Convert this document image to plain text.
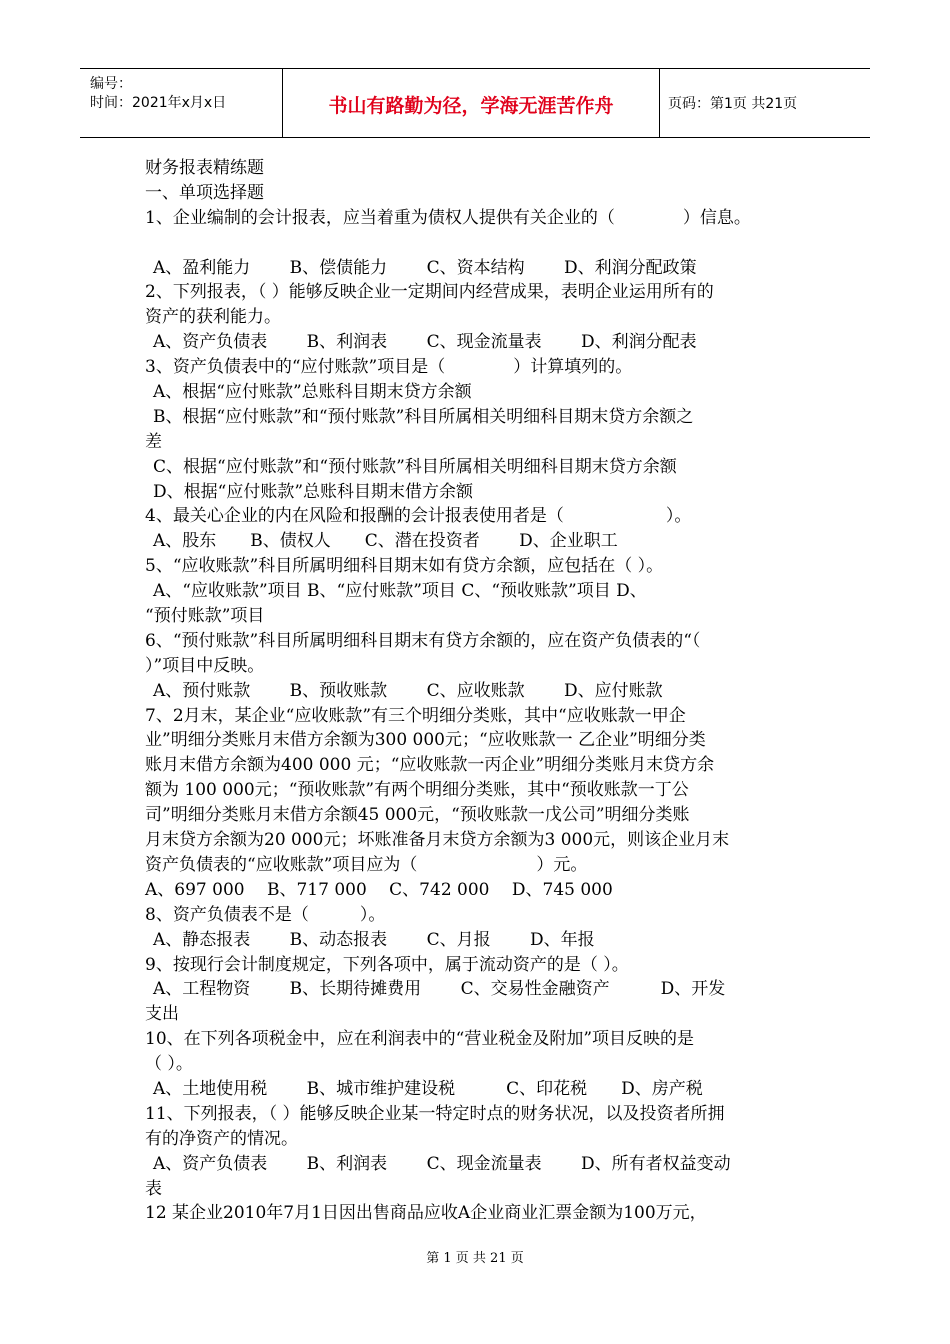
编号：
时间：2021年x月x日	书山有路勤为径，学海无涯苦作舟	页码：第1页 共21页
财务报表精练题
一、单项选择题
1、企业编制的会计报表，应当着重为债权人提供有关企业的（　　　　）信息。
A、盈利能力　　 B、偿债能力　　 C、资本结构　　 D、利润分配政策
2、下列报表，（ ）能够反映企业一定期间内经营成果，表明企业运用所有的
资产的获利能力。
A、资产负债表　　 B、利润表　　 C、现金流量表　　 D、利润分配表
3、资产负债表中的“应付账款”项目是（　　　　）计算填列的。
A、根据“应付账款”总账科目期末贷方余额
B、根据“应付账款”和“预付账款”科目所属相关明细科目期末贷方余额之
差
C、根据“应付账款”和“预付账款”科目所属相关明细科目期末贷方余额
D、根据“应付账款”总账科目期末借方余额
4、最关心企业的内在风险和报酬的会计报表使用者是（　　　　　　）。
A、股东　　B、债权人　　C、潜在投资者　　 D、企业职工
5、“应收账款”科目所属明细科目期末如有贷方余额，应包括在（ ）。
A、“应收账款”项目 B、“应付账款”项目 C、“预收账款”项目 D、
“预付账款”项目
6、“预付账款”科目所属明细科目期末有贷方余额的，应在资产负债表的“（
）”项目中反映。
A、预付账款　　 B、预收账款　　 C、应收账款　　 D、应付账款
7、2月末，某企业“应收账款”有三个明细分类账，其中“应收账款一甲企
业”明细分类账月末借方余额为300 000元；“应收账款一 乙企业”明细分类
账月末借方余额为400 000 元；“应收账款一丙企业”明细分类账月末贷方余
额为 100 000元；“预收账款”有两个明细分类账，其中“预收账款一丁公
司”明细分类账月末借方余额45 000元，“预收账款一戊公司”明细分类账
月末贷方余额为20 000元；坏账准备月末贷方余额为3 000元，则该企业月末
资产负债表的“应收账款”项目应为（　　　　　　　）元。
A、697 000　 B、717 000　 C、742 000　 D、745 000
8、资产负债表不是（　　　）。
A、静态报表　　 B、动态报表　　 C、月报　　 D、年报
9、按现行会计制度规定，下列各项中，属于流动资产的是（ ）。
A、工程物资　　 B、长期待摊费用　　 C、交易性金融资产　　　D、开发
支出
10、在下列各项税金中，应在利润表中的“营业税金及附加”项目反映的是
（ ）。
A、土地使用税　　 B、城市维护建设税　　　C、印花税　　D、房产税
11、下列报表，（ ）能够反映企业某一特定时点的财务状况，以及投资者所拥
有的净资产的情况。
A、资产负债表　　 B、利润表　　 C、现金流量表　　 D、所有者权益变动
表
12 某企业2010年7月1日因出售商品应收A企业商业汇票金额为100万元，
第 1 页 共 21 页
